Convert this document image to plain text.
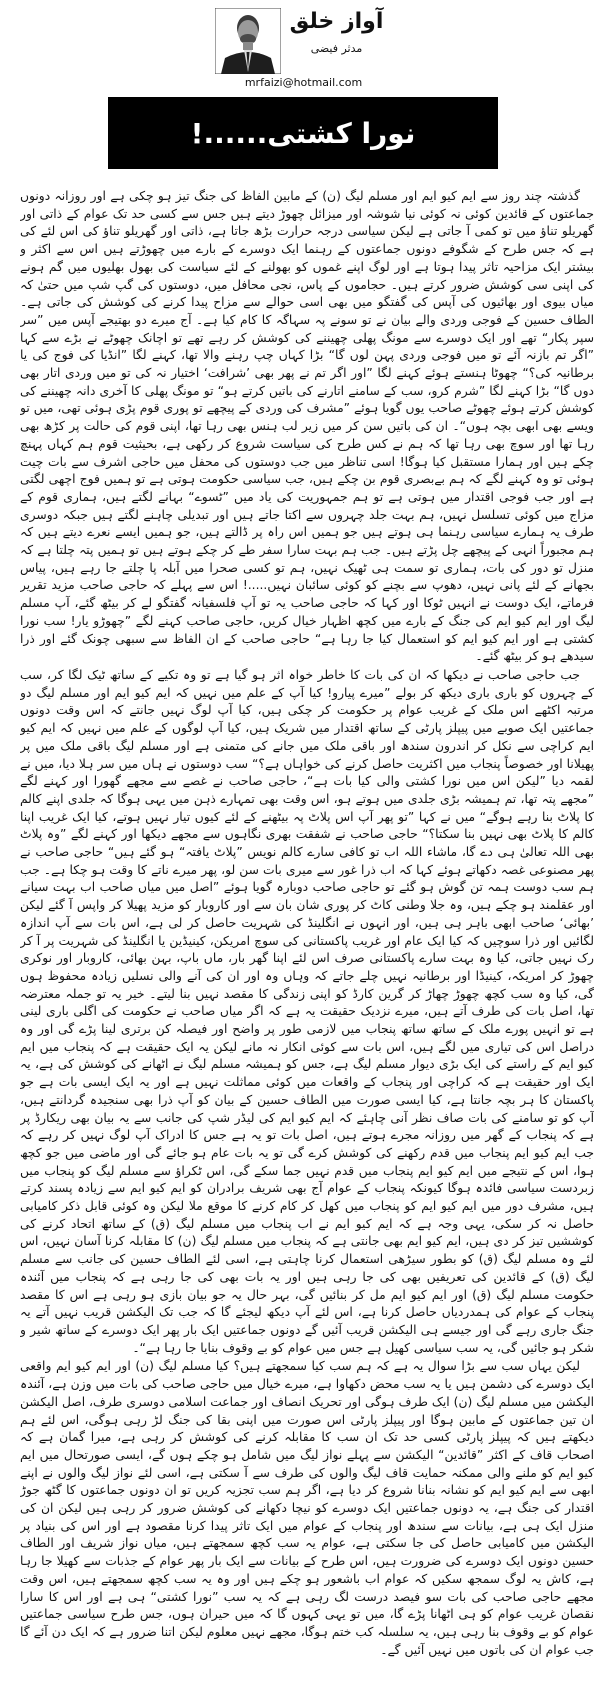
آواز خلق
مدثر فیضی
mrfaizi@hotmail.com
نورا کشتی......!

گذشتہ چند روز سے ایم کیو ایم اور مسلم لیگ (ن) کے مابین الفاظ کی جنگ تیز ہو چکی ہے اور روزانہ دونوں جماعتوں کے قائدین کوئی نہ کوئی نیا شوشہ اور میزائل چھوڑ دیتے ہیں جس سے کسی حد تک عوام کے ذاتی اور گھریلو تناؤ میں تو کمی آ جاتی ہے لیکن سیاسی درجہ حرارت بڑھ جاتا ہے، ذاتی اور گھریلو تناؤ کی اس لئے کی ہے کہ جس طرح کے شگوفے دونوں جماعتوں کے رہنما ایک دوسرے کے بارے میں چھوڑتے ہیں اس سے اکثر و بیشتر ایک مزاحیہ تاثر پیدا ہوتا ہے اور لوگ اپنے غموں کو بھولنے کے لئے سیاست کی بھول بھلیوں میں گم ہونے کی اپنی سی کوشش ضرور کرتے ہیں۔ حجاموں کے پاس، نجی محافل میں، دوستوں کی گپ شپ میں حتیٰ کہ میاں بیوی اور بھائیوں کی آپس کی گفتگو میں بھی اسی حوالے سے مزاح پیدا کرنے کی کوشش کی جاتی ہے۔ الطاف حسین کے فوجی وردی والے بیان نے تو سونے پہ سہاگہ کا کام کیا ہے۔ آج میرے دو بھتیجے آپس میں ”سر سپر پکار“ تھے اور ایک دوسرے سے مونگ پھلی چھیننے کی کوشش کر رہے تھے تو اچانک چھوٹے نے بڑے سے کہا ”اگر تم بازنہ آئے تو میں فوجی وردی پہن لوں گا“ بڑا کہاں چپ رہنے والا تھا، کہنے لگا ”انڈیا کی فوج کی یا برطانیہ کی؟“ چھوٹا ہنستے ہوئے کہنے لگا ”اور اگر تم نے پھر بھی ’شرافت‘ اختیار نہ کی تو میں وردی اتار بھی دوں گا“ بڑا کہنے لگا ”شرم کرو، سب کے سامنے اتارنے کی باتیں کرتے ہو“ تو مونگ پھلی کا آخری دانہ چھیننے کی کوشش کرتے ہوئے چھوٹے صاحب یوں گویا ہوئے ”مشرف کی وردی کے پیچھے تو پوری قوم پڑی ہوئی تھی، میں تو ویسے بھی ابھی بچہ ہوں“۔ ان کی باتیں سن کر میں زیر لب ہنس بھی رہا تھا، اپنی قوم کی حالت پر کڑھ بھی رہا تھا اور سوچ بھی رہا تھا کہ ہم نے کس طرح کی سیاست شروع کر رکھی ہے، بحیثیت قوم ہم کہاں پہنچ چکے ہیں اور ہمارا مستقبل کیا ہوگا! اسی تناظر میں جب دوستوں کی محفل میں حاجی اشرف سے بات چیت ہوئی تو وہ کہنے لگے کہ ہم بےبصری قوم بن چکے ہیں، جب سیاسی حکومت ہوتی ہے تو ہمیں فوج اچھی لگتی ہے اور جب فوجی اقتدار میں ہوتی ہے تو ہم جمہوریت کی یاد میں ”ٹسوے“ بہانے لگتے ہیں، ہماری قوم کے مزاج میں کوئی تسلسل نہیں، ہم بہت جلد چہروں سے اکتا جاتے ہیں اور تبدیلی چاہنے لگتے ہیں جبکہ دوسری طرف یہ ہمارے سیاسی رہنما ہی ہوتے ہیں جو ہمیں اس راہ پر ڈالتے ہیں، جو ہمیں ایسے نعرے دیتے ہیں کہ ہم مجبوراً انہی کے پیچھے چل پڑتے ہیں۔ جب ہم بہت سارا سفر طے کر چکے ہوتے ہیں تو ہمیں پتہ چلتا ہے کہ منزل تو دور کی بات، ہماری تو سمت ہی ٹھیک نہیں، ہم تو کسی صحرا میں آبلہ پا چلتے جا رہے ہیں، پیاس بجھانے کے لئے پانی نہیں، دھوپ سے بچنے کو کوئی سائبان نہیں.....! اس سے پہلے کہ حاجی صاحب مزید تقریر فرماتے، ایک دوست نے انہیں ٹوکا اور کہا کہ حاجی صاحب یہ تو آپ فلسفیانہ گفتگو لے کر بیٹھ گئے، آپ مسلم لیگ اور ایم کیو ایم کی جنگ کے بارے میں کچھ اظہار خیال کریں، حاجی صاحب کہنے لگے ”چھوڑو یار! سب نورا کشتی ہے اور ایم کیو ایم کو استعمال کیا جا رہا ہے“ حاجی صاحب کے ان الفاظ سے سبھی چونک گئے اور ذرا سیدھے ہو کر بیٹھ گئے۔

جب حاجی صاحب نے دیکھا کہ ان کی بات کا خاطر خواہ اثر ہو گیا ہے تو وہ تکیے کے ساتھ ٹیک لگا کر، سب کے چہروں کو باری باری دیکھ کر بولے ”میرے پیارو! کیا آپ کے علم میں نہیں کہ ایم کیو ایم اور مسلم لیگ دو مرتبہ اکٹھے اس ملک کے غریب عوام پر حکومت کر چکی ہیں، کیا آپ لوگ نہیں جانتے کہ اس وقت دونوں جماعتیں ایک صوبے میں پیپلز پارٹی کے ساتھ اقتدار میں شریک ہیں، کیا آپ لوگوں کے علم میں نہیں کہ ایم کیو ایم کراچی سے نکل کر اندرون سندھ اور باقی ملک میں جانے کی متمنی ہے اور مسلم لیگ باقی ملک میں پر پھیلانا اور خصوصاً پنجاب میں اکثریت حاصل کرنے کی خواہاں ہے؟“ سب دوستوں نے ہاں میں سر ہلا دیا، میں نے لقمہ دیا ”لیکن اس میں نورا کشتی والی کیا بات ہے“، حاجی صاحب نے غصے سے مجھے گھورا اور کہنے لگے ”مجھے پتہ تھا، تم ہمیشہ بڑی جلدی میں ہوتے ہو، اس وقت بھی تمہارے ذہن میں یہی ہوگا کہ جلدی اپنے کالم کا پلاٹ بنا رہے ہوگے“ میں نے کہا ”تو پھر آپ اس پلاٹ پہ بیٹھنے کے لئے کیوں تیار نہیں ہوتے، کیا ایک غریب اپنا کالم کا پلاٹ بھی نہیں بنا سکتا؟“ حاجی صاحب نے شفقت بھری نگاہوں سے مجھے دیکھا اور کہنے لگے ”وہ پلاٹ بھی اللہ تعالیٰ ہی دے گا، ماشاء اللہ اب تو کافی سارے کالم نویس ”پلاٹ یافتہ“ ہو گئے ہیں“ حاجی صاحب نے پھر مصنوعی غصہ دکھاتے ہوئے کہا کہ اب ذرا غور سے میری بات سن لو، پھر میرے ناتے کا وقت ہو چکا ہے۔ جب ہم سب دوست ہمہ تن گوش ہو گئے تو حاجی صاحب دوبارہ گویا ہوئے ”اصل میں میاں صاحب اب بہت سیانے اور عقلمند ہو چکے ہیں، وہ جلا وطنی کاٹ کر پوری شان بان سے اور کاروبار کو مزید پھیلا کر واپس آ گئے لیکن ’بھائی‘ صاحب ابھی باہر ہی ہیں، اور انہوں نے انگلینڈ کی شہریت حاصل کر لی ہے، اس بات سے آپ اندازہ لگائیں اور ذرا سوچیں کہ کیا ایک عام اور غریب پاکستانی کی سوچ امریکن، کینیڈین یا انگلینڈ کی شہریت پر آ کر رک نہیں جاتی، کیا وہ بہت سارے پاکستانی صرف اس لئے اپنا گھر بار، ماں باپ، بہن بھائی، کاروبار اور نوکری چھوڑ کر امریکہ، کینیڈا اور برطانیہ نہیں چلے جاتے کہ وہاں وہ اور ان کی آنے والی نسلیں زیادہ محفوظ ہوں گی، کیا وہ سب کچھ چھوڑ چھاڑ کر گرین کارڈ کو اپنی زندگی کا مقصد نہیں بنا لیتے۔ خیر یہ تو جملہ معترضہ تھا، اصل بات کی طرف آتے ہیں، میرے نزدیک حقیقت یہ ہے کہ اگر میاں صاحب نے حکومت کی اگلی باری لینی ہے تو انہیں پورے ملک کے ساتھ ساتھ پنجاب میں لازمی طور پر واضح اور فیصلہ کن برتری لینا پڑے گی اور وہ دراصل اس کی تیاری میں لگے ہیں، اس بات سے کوئی انکار نہ مانے لیکن یہ ایک حقیقت ہے کہ پنجاب میں ایم کیو ایم کے راستے کی ایک بڑی دیوار مسلم لیگ ہے، جس کو ہمیشہ مسلم لیگ نے اٹھانے کی کوشش کی ہے، یہ ایک اور حقیقت ہے کہ کراچی اور پنجاب کے واقعات میں کوئی مماثلت نہیں ہے اور یہ ایک ایسی بات ہے جو پاکستان کا ہر بچہ جانتا ہے، کیا ایسی صورت میں الطاف حسین کے بیان کو آپ ذرا بھی سنجیدہ گردانتے ہیں، آپ کو تو سامنے کی بات صاف نظر آنی چاہئے کہ ایم کیو ایم کی لیڈر شپ کی جانب سے یہ بیان بھی ریکارڈ پر ہے کہ پنجاب کے گھر میں روزانہ مجرے ہوتے ہیں، اصل بات تو یہ ہے جس کا ادراک آپ لوگ نہیں کر رہے کہ جب ایم کیو ایم پنجاب میں قدم رکھنے کی کوشش کرے گی تو یہ بات عام ہو جائے گی اور ماضی میں جو کچھ ہوا، اس کے نتیجے میں ایم کیو ایم پنجاب میں قدم نہیں جما سکے گی، اس ٹکراؤ سے مسلم لیگ کو پنجاب میں زبردست سیاسی فائدہ ہوگا کیونکہ پنجاب کے عوام آج بھی شریف برادران کو ایم کیو ایم سے زیادہ پسند کرتے ہیں، مشرف دور میں ایم کیو ایم کو پنجاب میں کھل کر کام کرنے کا موقع ملا لیکن وہ کوئی قابل ذکر کامیابی حاصل نہ کر سکی، یہی وجہ ہے کہ ایم کیو ایم نے اب پنجاب میں مسلم لیگ (ق) کے ساتھ اتحاد کرنے کی کوششیں تیز کر دی ہیں، ایم کیو ایم بھی جانتی ہے کہ پنجاب میں مسلم لیگ (ن) کا مقابلہ کرنا آسان نہیں، اس لئے وہ مسلم لیگ (ق) کو بطور سیڑھی استعمال کرنا چاہتی ہے، اسی لئے الطاف حسین کی جانب سے مسلم لیگ (ق) کے قائدین کی تعریفیں بھی کی جا رہی ہیں اور یہ بات بھی کی جا رہی ہے کہ پنجاب میں آئندہ حکومت مسلم لیگ (ق) اور ایم کیو ایم مل کر بنائیں گی، بہر حال یہ جو بیان بازی ہو رہی ہے اس کا مقصد پنجاب کے عوام کی ہمدردیاں حاصل کرنا ہے، اس لئے آپ دیکھ لیجئے گا کہ جب تک الیکشن قریب نہیں آتے یہ جنگ جاری رہے گی اور جیسے ہی الیکشن قریب آئیں گے دونوں جماعتیں ایک بار پھر ایک دوسرے کے ساتھ شیر و شکر ہو جائیں گی، یہ سب سیاسی کھیل ہے جس میں عوام کو بے وقوف بنایا جا رہا ہے“۔

لیکن یہاں سب سے بڑا سوال یہ ہے کہ ہم سب کیا سمجھتے ہیں؟ کیا مسلم لیگ (ن) اور ایم کیو ایم واقعی ایک دوسرے کی دشمن ہیں یا یہ سب محض دکھاوا ہے، میرے خیال میں حاجی صاحب کی بات میں وزن ہے، آئندہ الیکشن میں مسلم لیگ (ن) ایک طرف ہوگی اور تحریک انصاف اور جماعت اسلامی دوسری طرف، اصل الیکشن ان تین جماعتوں کے مابین ہوگا اور پیپلز پارٹی اس صورت میں اپنی بقا کی جنگ لڑ رہی ہوگی، اس لئے ہم دیکھتے ہیں کہ پیپلز پارٹی کسی حد تک ان سب کا مقابلہ کرنے کی کوشش کر رہی ہے، میرا گمان ہے کہ اصحاب قاف کے اکثر ”قائدین“ الیکشن سے پہلے نواز لیگ میں شامل ہو چکے ہوں گے، ایسی صورتحال میں ایم کیو ایم کو ملنے والی ممکنہ حمایت قاف لیگ والوں کی طرف سے آ سکتی ہے، اسی لئے نواز لیگ والوں نے اپنے ابھی سے ایم کیو ایم کو نشانہ بنانا شروع کر دیا ہے، اگر ہم سب تجزیہ کریں تو ان دونوں جماعتوں کا گٹھ جوڑ اقتدار کی جنگ ہے، یہ دونوں جماعتیں ایک دوسرے کو نیچا دکھانے کی کوشش ضرور کر رہی ہیں لیکن ان کی منزل ایک ہی ہے، بیانات سے سندھ اور پنجاب کے عوام میں ایک تاثر پیدا کرنا مقصود ہے اور اس کی بنیاد پر الیکشن میں کامیابی حاصل کی جا سکتی ہے، عوام یہ سب کچھ سمجھتے ہیں، میاں نواز شریف اور الطاف حسین دونوں ایک دوسرے کی ضرورت ہیں، اس طرح کے بیانات سے ایک بار پھر عوام کے جذبات سے کھیلا جا رہا ہے، کاش یہ لوگ سمجھ سکیں کہ عوام اب باشعور ہو چکے ہیں اور وہ یہ سب کچھ سمجھتے ہیں، اس وقت مجھے حاجی صاحب کی بات سو فیصد درست لگ رہی ہے کہ یہ سب ”نورا کشتی“ ہی ہے اور اس کا سارا نقصان غریب عوام کو ہی اٹھانا پڑے گا، میں تو یہی کہوں گا کہ میں حیران ہوں، جس طرح سیاسی جماعتیں عوام کو بے وقوف بنا رہی ہیں، یہ سلسلہ کب ختم ہوگا، مجھے نہیں معلوم لیکن اتنا ضرور ہے کہ ایک دن آئے گا جب عوام ان کی باتوں میں نہیں آئیں گے۔
